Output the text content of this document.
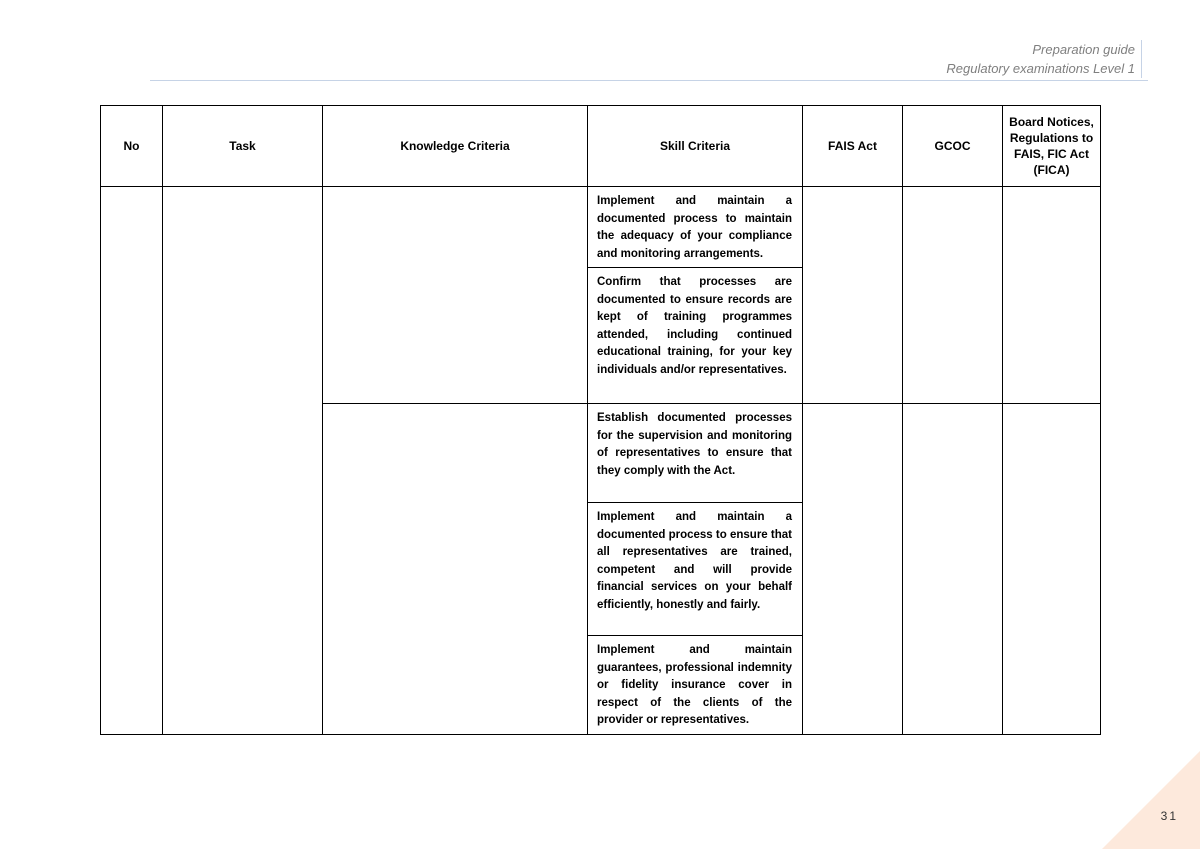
Preparation guide
Regulatory examinations Level 1
No	Task	Knowledge Criteria	Skill Criteria	FAIS Act	GCOC	Board Notices, Regulations to FAIS, FIC Act (FICA)

			Implement and maintain a documented process to maintain the adequacy of your compliance and monitoring arrangements.			

			Confirm that processes are documented to ensure records are kept of training programmes attended, including continued educational training, for your key individuals and/or representatives.			

			Establish documented processes for the supervision and monitoring of representatives to ensure that they comply with the Act.			

			Implement and maintain a documented process to ensure that all representatives are trained, competent and will provide financial services on your behalf efficiently, honestly and fairly.			

			Implement and maintain guarantees, professional indemnity or fidelity insurance cover in respect of the clients of the provider or representatives.			
31
